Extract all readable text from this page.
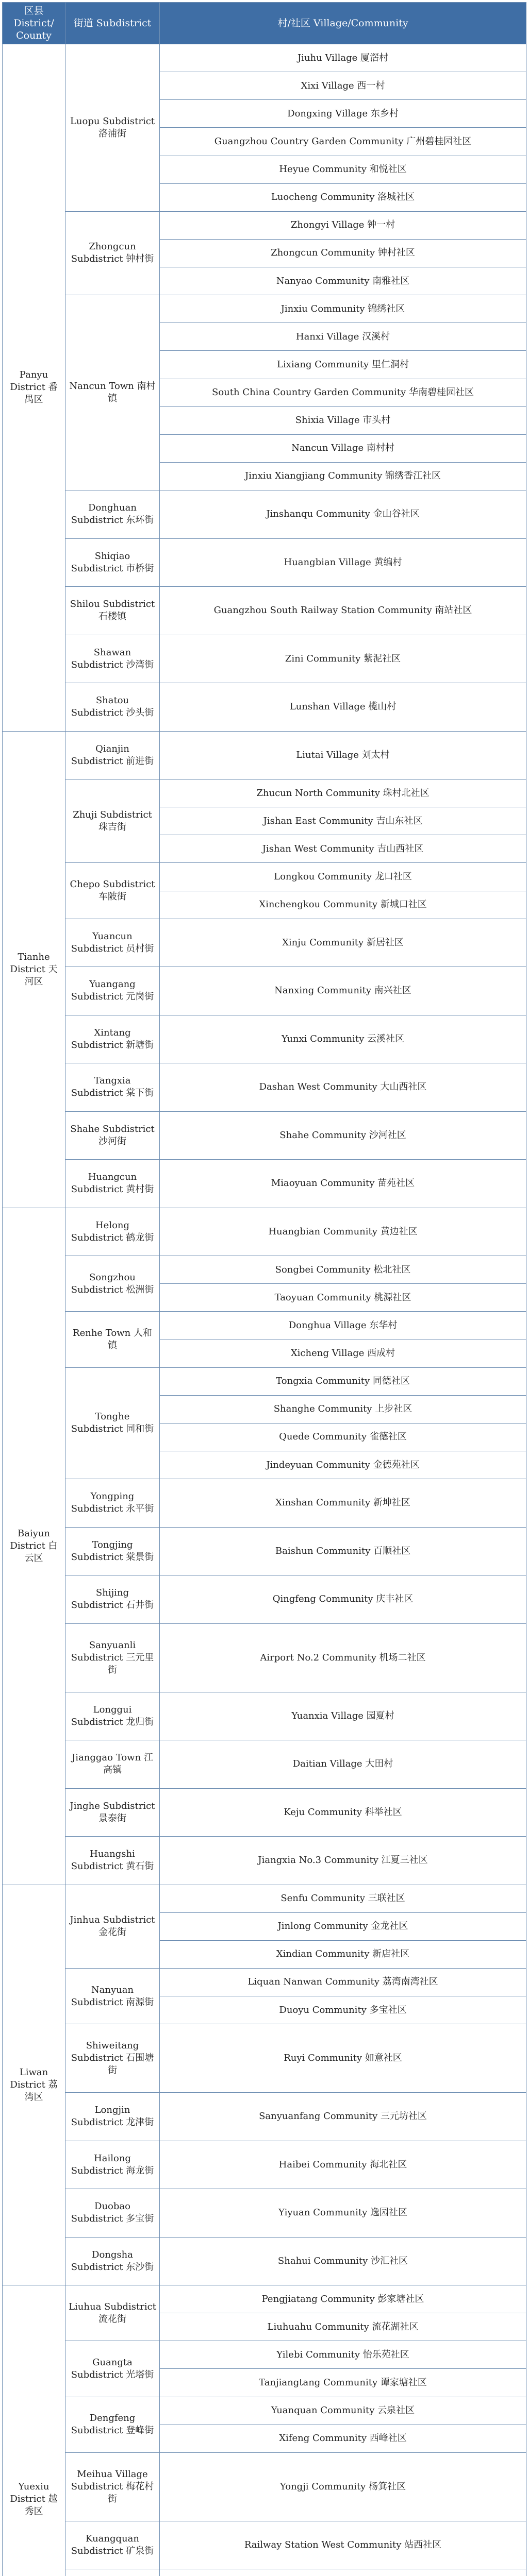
区县 District/ County	街道 Subdistrict	村/社区 Village/Community
Panyu District 番禺区	Luopu Subdistrict 洛浦街	Jiuhu Village 厦滘村
		Xixi Village 西一村
		Dongxing Village 东乡村
		Guangzhou Country Garden Community 广州碧桂园社区
		Heyue Community 和悦社区
		Luocheng Community 洛城社区
	Zhongcun Subdistrict 钟村街	Zhongyi Village 钟一村
		Zhongcun Community 钟村社区
		Nanyao Community 南雅社区
	Nancun Town 南村镇	Jinxiu Community 锦绣社区
		Hanxi Village 汉溪村
		Lixiang Community 里仁洞村
		South China Country Garden Community 华南碧桂园社区
		Shixia Village 市头村
		Nancun Village 南村村
		Jinxiu Xiangjiang Community 锦绣香江社区
	Donghuan Subdistrict 东环街	Jinshanqu Community 金山谷社区
	Shiqiao Subdistrict 市桥街	Huangbian Village 黄编村
	Shilou Subdistrict 石楼镇	Guangzhou South Railway Station Community 南站社区
	Shawan Subdistrict 沙湾街	Zini Community 紫泥社区
	Shatou Subdistrict 沙头街	Lunshan Village 榄山村
Tianhe District 天河区	Qianjin Subdistrict 前进街	Liutai Village 刘太村
	Zhuji Subdistrict 珠吉街	Zhucun North Community 珠村北社区
		Jishan East Community 吉山东社区
		Jishan West Community 吉山西社区
	Chepo Subdistrict 车陂街	Longkou Community 龙口社区
		Xinchengkou Community 新城口社区
	Yuancun Subdistrict 员村街	Xinju Community 新居社区
	Yuangang Subdistrict 元岗街	Nanxing Community 南兴社区
	Xintang Subdistrict 新塘街	Yunxi Community 云溪社区
	Tangxia Subdistrict 棠下街	Dashan West Community 大山西社区
	Shahe Subdistrict 沙河街	Shahe Community 沙河社区
	Huangcun Subdistrict 黄村街	Miaoyuan Community 苗苑社区
Baiyun District 白云区	Helong Subdistrict 鹤龙街	Huangbian Community 黄边社区
	Songzhou Subdistrict 松洲街	Songbei Community 松北社区
		Taoyuan Community 桃源社区
	Renhe Town 人和镇	Donghua Village 东华村
		Xicheng Village 西成村
	Tonghe Subdistrict 同和街	Tongxia Community 同德社区
		Shanghe Community 上步社区
		Quede Community 雀德社区
		Jindeyuan Community 金德苑社区
	Yongping Subdistrict 永平街	Xinshan Community 新坤社区
	Tongjing Subdistrict 棠景街	Baishun Community 百顺社区
	Shijing Subdistrict 石井街	Qingfeng Community 庆丰社区
	Sanyuanli Subdistrict 三元里街	Airport No.2 Community 机场二社区
	Longgui Subdistrict 龙归街	Yuanxia Village 园夏村
	Jianggao Town 江高镇	Daitian Village 大田村
	Jinghe Subdistrict 景泰街	Keju Community 科举社区
	Huangshi Subdistrict 黄石街	Jiangxia No.3 Community 江夏三社区
Liwan District 荔湾区	Jinhua Subdistrict 金花街	Senfu Community 三联社区
		Jinlong Community 金龙社区
		Xindian Community 新店社区
	Nanyuan Subdistrict 南源街	Liquan Nanwan Community 荔湾南湾社区
		Duoyu Community 多宝社区
	Shiweitang Subdistrict 石围塘街	Ruyi Community 如意社区
	Longjin Subdistrict 龙津街	Sanyuanfang Community 三元坊社区
	Hailong Subdistrict 海龙街	Haibei Community 海北社区
	Duobao Subdistrict 多宝街	Yiyuan Community 逸园社区
	Dongsha Subdistrict 东沙街	Shahui Community 沙汇社区
Yuexiu District 越秀区	Liuhua Subdistrict 流花街	Pengjiatang Community 彭家塘社区
		Liuhuahu Community 流花湖社区
	Guangta Subdistrict 光塔街	Yilebi Community 怡乐苑社区
		Tanjiangtang Community 谭家塘社区
	Dengfeng Subdistrict 登峰街	Yuanquan Community 云泉社区
		Xifeng Community 西峰社区
	Meihua Village Subdistrict 梅花村街	Yongji Community 杨箕社区
	Kuangquan Subdistrict 矿泉街	Railway Station West Community 站西社区
